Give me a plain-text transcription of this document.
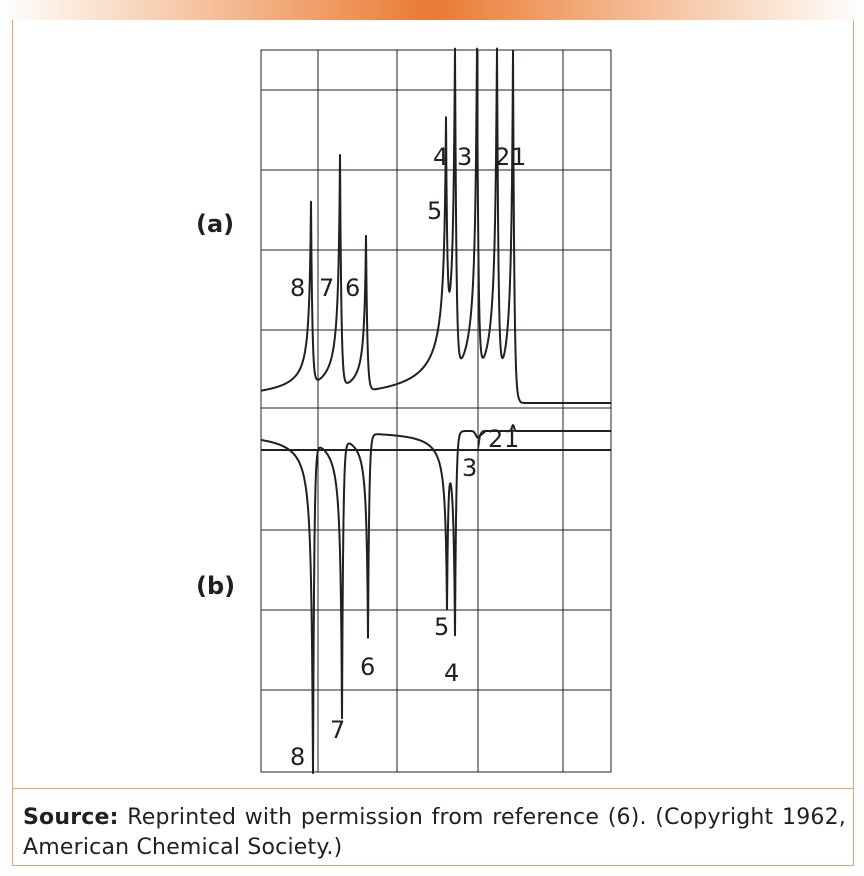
8 7 6
5
4 3 2 1
(a)
8
7
6
5
4
3
2 1
(b)
Source: Reprinted with permission from reference (6). (Copyright 1962, American Chemical Society.)
